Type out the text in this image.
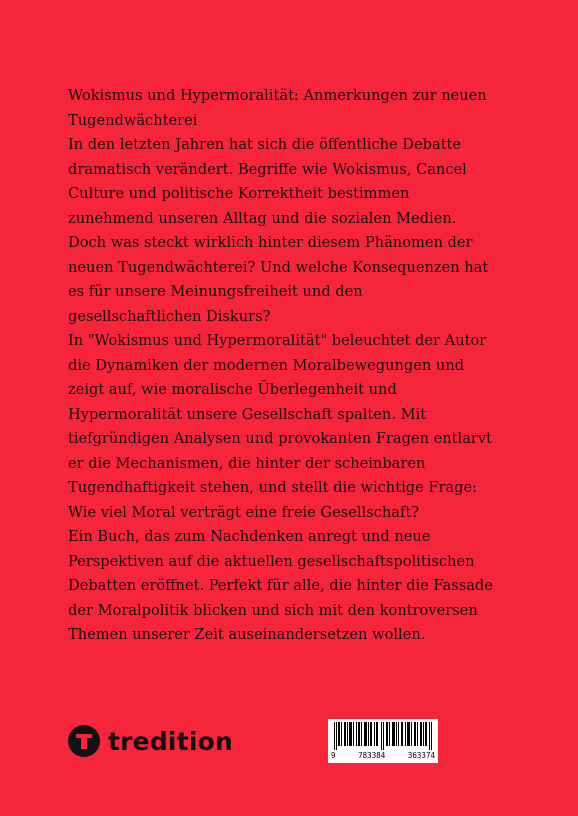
Wokismus und Hypermoralität: Anmerkungen zur neuen Tugendwächterei

In den letzten Jahren hat sich die öffentliche Debatte dramatisch verändert. Begriffe wie Wokismus, Cancel Culture und politische Korrektheit bestimmen zunehmend unseren Alltag und die sozialen Medien. Doch was steckt wirklich hinter diesem Phänomen der neuen Tugendwächterei? Und welche Konsequenzen hat es für unsere Meinungsfreiheit und den gesellschaftlichen Diskurs?

In "Wokismus und Hypermoralität" beleuchtet der Autor die Dynamiken der modernen Moralbewegungen und zeigt auf, wie moralische Überlegenheit und Hypermoralität unsere Gesellschaft spalten. Mit tiefgründigen Analysen und provokanten Fragen entlarvt er die Mechanismen, die hinter der scheinbaren Tugendhaftigkeit stehen, und stellt die wichtige Frage: Wie viel Moral verträgt eine freie Gesellschaft?

Ein Buch, das zum Nachdenken anregt und neue Perspektiven auf die aktuellen gesellschaftspolitischen Debatten eröffnet. Perfekt für alle, die hinter die Fassade der Moralpolitik blicken und sich mit den kontroversen Themen unserer Zeit auseinandersetzen wollen.

tredition	9	783384	363374
